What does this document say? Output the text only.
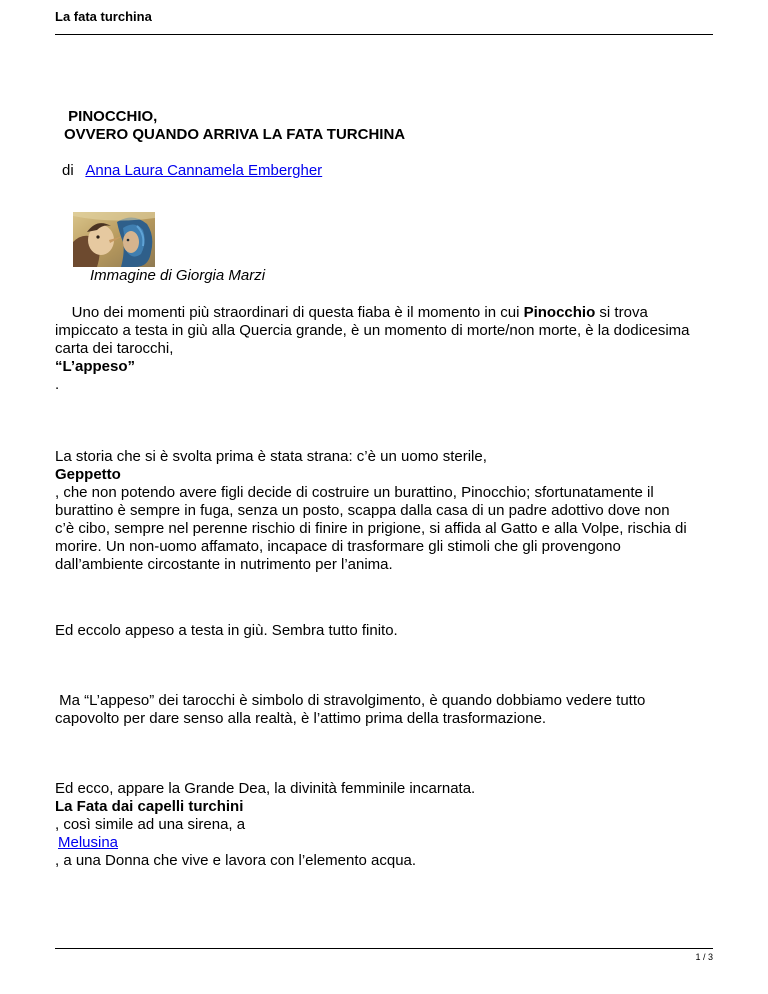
La fata turchina
PINOCCHIO,
OVVERO QUANDO ARRIVA LA FATA TURCHINA
di   Anna Laura Cannamela Embergher
Immagine di Giorgia Marzi
Uno dei momenti più straordinari di questa fiaba è il momento in cui Pinocchio si trova
impiccato a testa in giù alla Quercia grande, è un momento di morte/non morte, è la dodicesima
carta dei tarocchi,
“L’appeso”
.
La storia che si è svolta prima è stata strana: c’è un uomo sterile,
Geppetto
, che non potendo avere figli decide di costruire un burattino, Pinocchio; sfortunatamente il
burattino è sempre in fuga, senza un posto, scappa dalla casa di un padre adottivo dove non
c’è cibo, sempre nel perenne rischio di finire in prigione, si affida al Gatto e alla Volpe, rischia di
morire. Un non-uomo affamato, incapace di trasformare gli stimoli che gli provengono
dall’ambiente circostante in nutrimento per l’anima.
Ed eccolo appeso a testa in giù. Sembra tutto finito.
Ma “L’appeso” dei tarocchi è simbolo di stravolgimento, è quando dobbiamo vedere tutto
capovolto per dare senso alla realtà, è l’attimo prima della trasformazione.
Ed ecco, appare la Grande Dea, la divinità femminile incarnata.
La Fata dai capelli turchini
, così simile ad una sirena, a
Melusina
, a una Donna che vive e lavora con l’elemento acqua.
1 / 3
